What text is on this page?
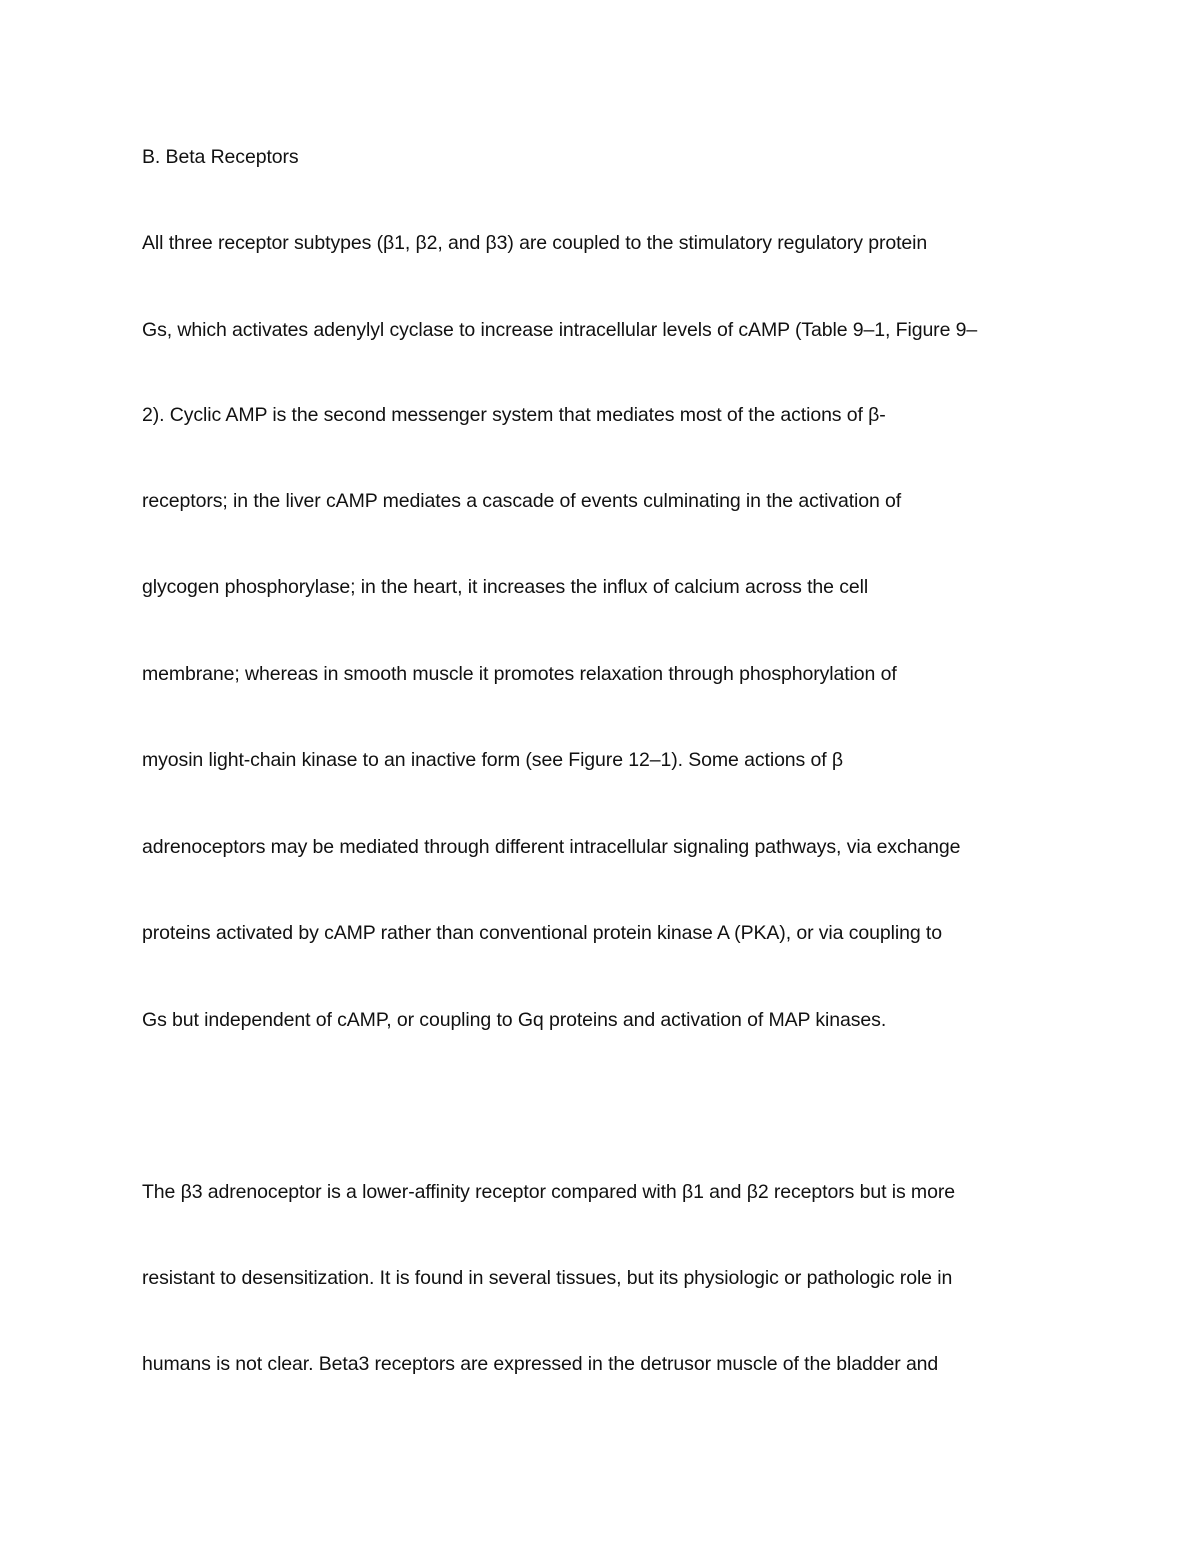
B. Beta Receptors
All three receptor subtypes (β1, β2, and β3) are coupled to the stimulatory regulatory protein
Gs, which activates adenylyl cyclase to increase intracellular levels of cAMP (Table 9–1, Figure 9–
2). Cyclic AMP is the second messenger system that mediates most of the actions of β-
receptors; in the liver cAMP mediates a cascade of events culminating in the activation of
glycogen phosphorylase; in the heart, it increases the influx of calcium across the cell
membrane; whereas in smooth muscle it promotes relaxation through phosphorylation of
myosin light-chain kinase to an inactive form (see Figure 12–1). Some actions of β
adrenoceptors may be mediated through different intracellular signaling pathways, via exchange
proteins activated by cAMP rather than conventional protein kinase A (PKA), or via coupling to
Gs but independent of cAMP, or coupling to Gq proteins and activation of MAP kinases.
The β3 adrenoceptor is a lower-affinity receptor compared with β1 and β2 receptors but is more
resistant to desensitization. It is found in several tissues, but its physiologic or pathologic role in
humans is not clear. Beta3 receptors are expressed in the detrusor muscle of the bladder and
